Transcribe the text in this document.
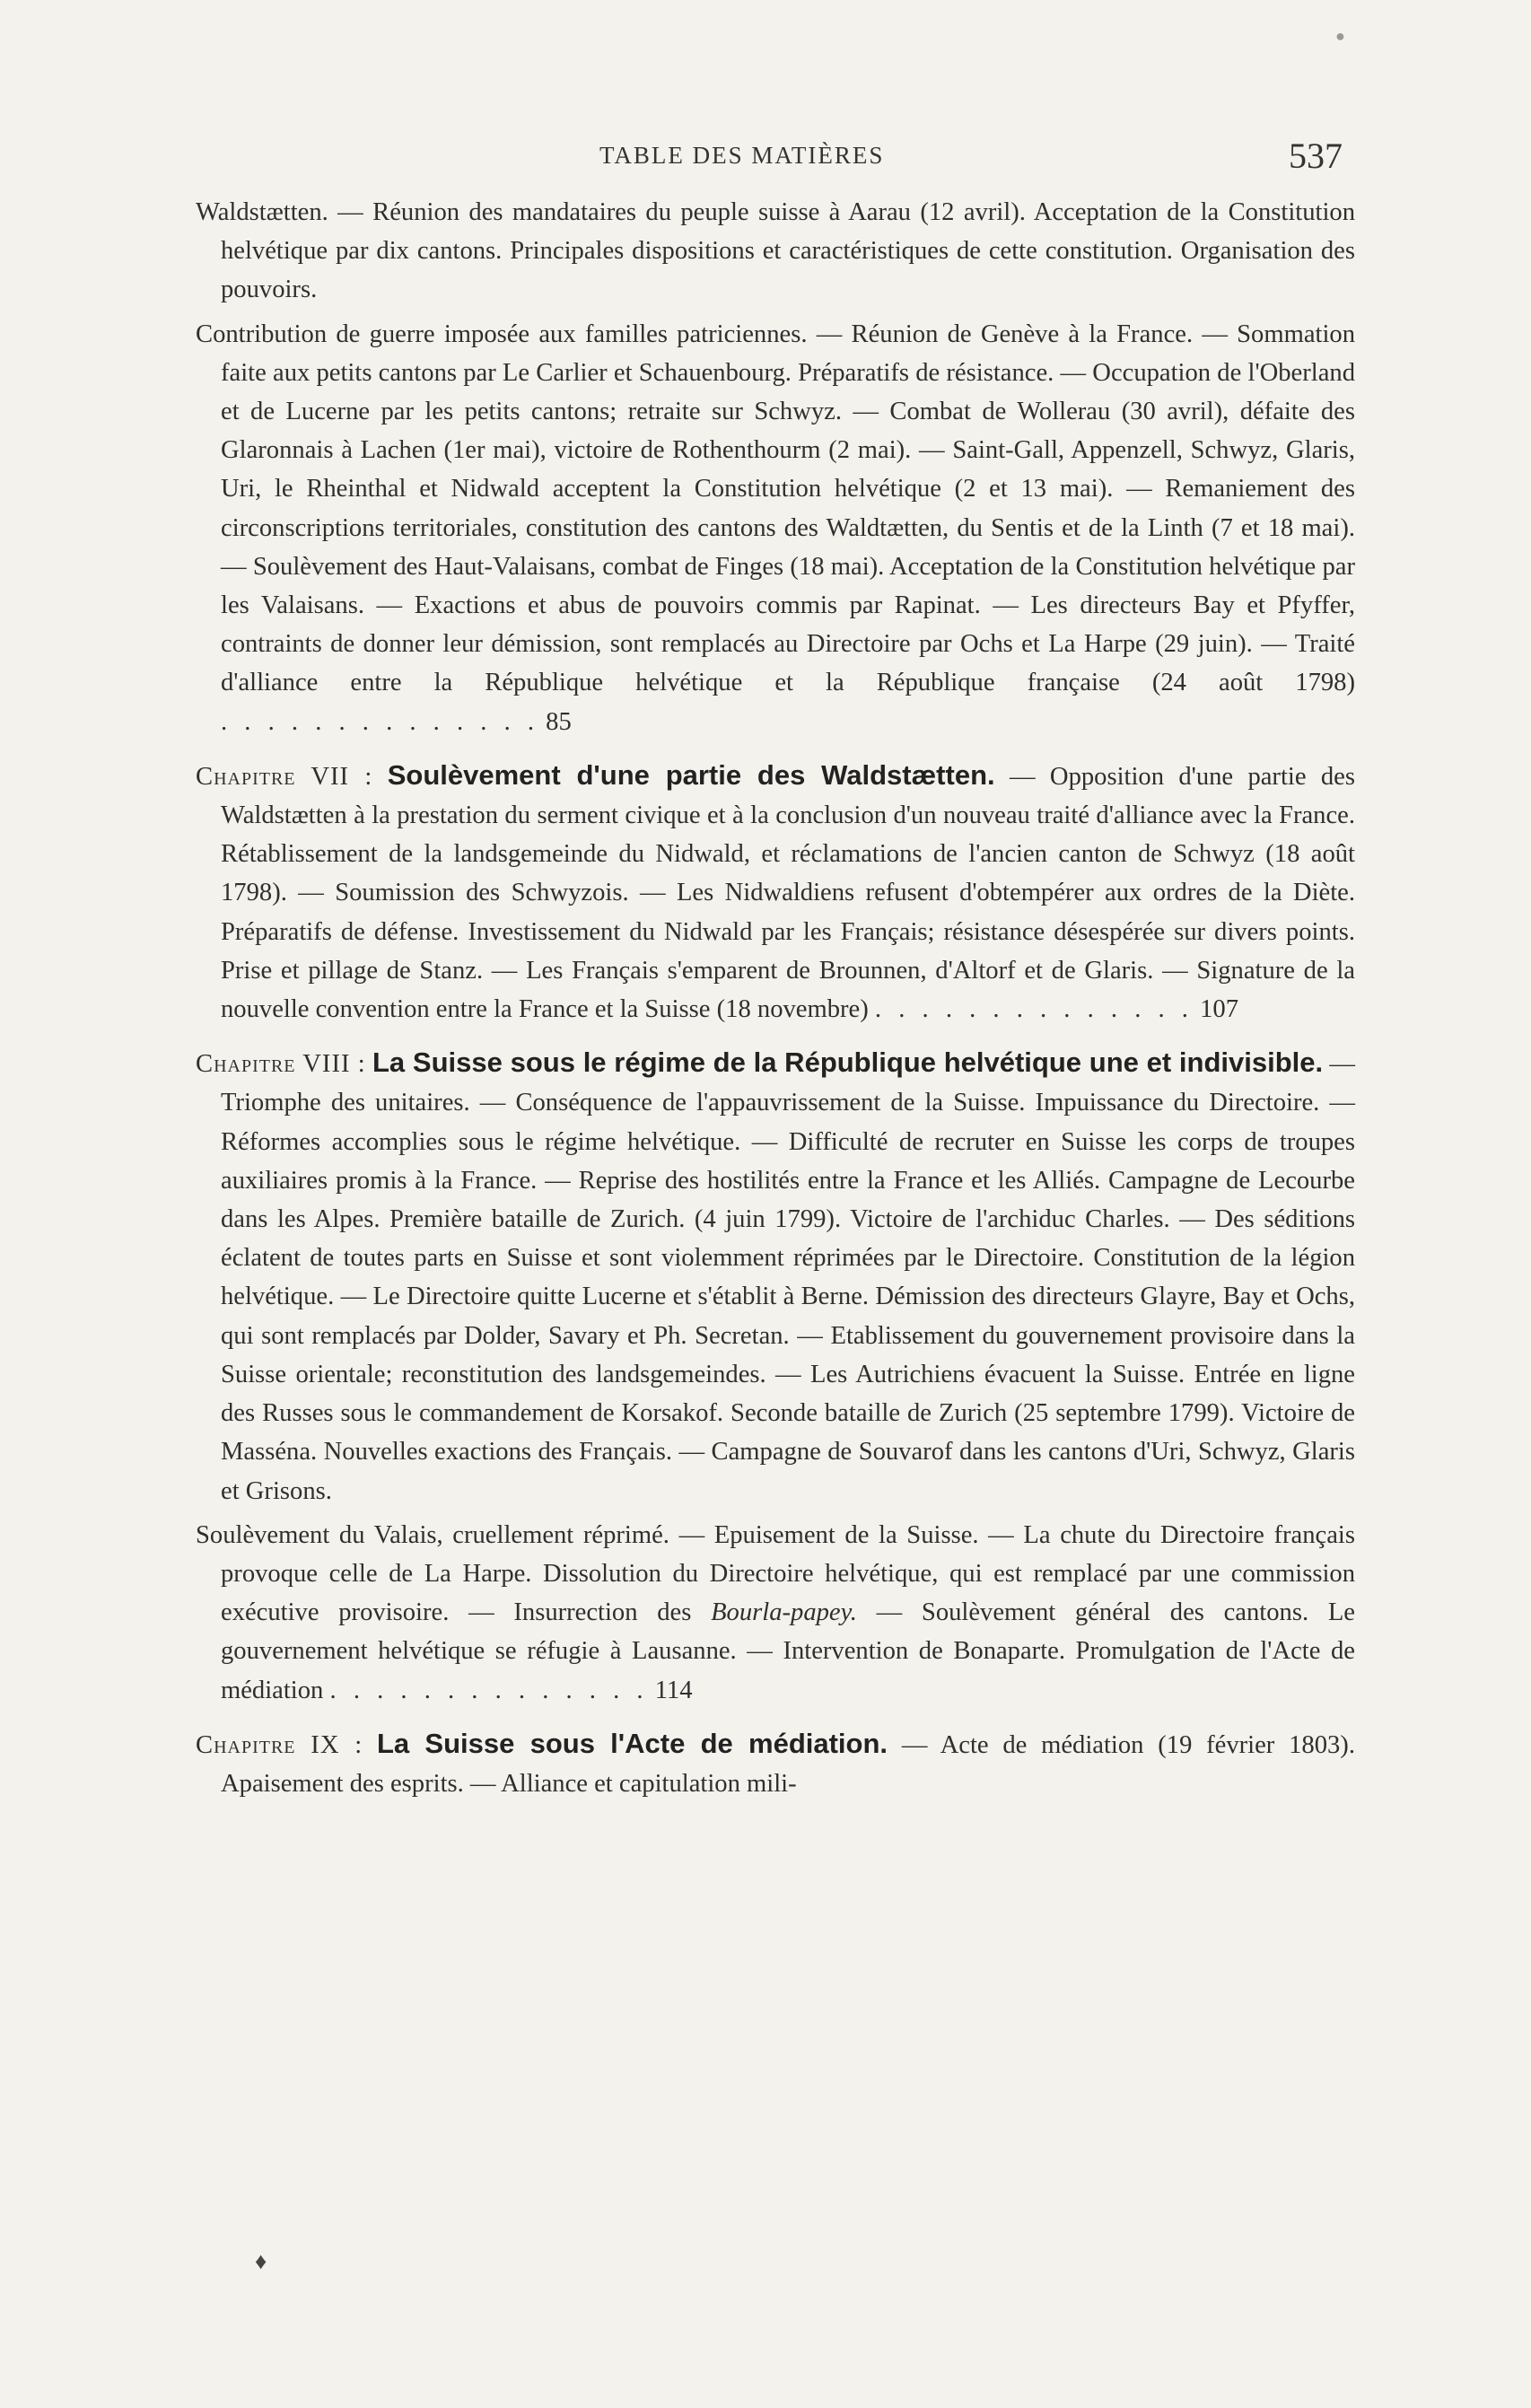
●
TABLE DES MATIÈRES	537

Waldstætten. — Réunion des mandataires du peuple suisse à Aarau (12 avril). Acceptation de la Constitution helvétique par dix cantons. Principales dispositions et caractéristiques de cette constitution. Organisation des pouvoirs.

Contribution de guerre imposée aux familles patriciennes. — Réunion de Genève à la France. — Sommation faite aux petits cantons par Le Carlier et Schauenbourg. Préparatifs de résistance. — Occupation de l'Oberland et de Lucerne par les petits cantons; retraite sur Schwyz. — Combat de Wollerau (30 avril), défaite des Glaronnais à Lachen (1er mai), victoire de Rothenthourm (2 mai). — Saint-Gall, Appenzell, Schwyz, Glaris, Uri, le Rheinthal et Nidwald acceptent la Constitution helvétique (2 et 13 mai). — Remaniement des circonscriptions territoriales, constitution des cantons des Waldtætten, du Sentis et de la Linth (7 et 18 mai). — Soulèvement des Haut-Valaisans, combat de Finges (18 mai). Acceptation de la Constitution helvétique par les Valaisans. — Exactions et abus de pouvoirs commis par Rapinat. — Les directeurs Bay et Pfyffer, contraints de donner leur démission, sont remplacés au Directoire par Ochs et La Harpe (29 juin). — Traité d'alliance entre la République helvétique et la République française (24 août 1798) . . . . . . . . . . . . . . 85

Chapitre VII : Soulèvement d'une partie des Waldstætten. — Opposition d'une partie des Waldstætten à la prestation du serment civique et à la conclusion d'un nouveau traité d'alliance avec la France. Rétablissement de la landsgemeinde du Nidwald, et réclamations de l'ancien canton de Schwyz (18 août 1798). — Soumission des Schwyzois. — Les Nidwaldiens refusent d'obtempérer aux ordres de la Diète. Préparatifs de défense. Investissement du Nidwald par les Français; résistance désespérée sur divers points. Prise et pillage de Stanz. — Les Français s'emparent de Brounnen, d'Altorf et de Glaris. — Signature de la nouvelle convention entre la France et la Suisse (18 novembre) . . . . . . . . . . . . . . 107

Chapitre VIII : La Suisse sous le régime de la République helvétique une et indivisible. — Triomphe des unitaires. — Conséquence de l'appauvrissement de la Suisse. Impuissance du Directoire. — Réformes accomplies sous le régime helvétique. — Difficulté de recruter en Suisse les corps de troupes auxiliaires promis à la France. — Reprise des hostilités entre la France et les Alliés. Campagne de Lecourbe dans les Alpes. Première bataille de Zurich. (4 juin 1799). Victoire de l'archiduc Charles. — Des séditions éclatent de toutes parts en Suisse et sont violemment réprimées par le Directoire. Constitution de la légion helvétique. — Le Directoire quitte Lucerne et s'établit à Berne. Démission des directeurs Glayre, Bay et Ochs, qui sont remplacés par Dolder, Savary et Ph. Secretan. — Etablissement du gouvernement provisoire dans la Suisse orientale; reconstitution des landsgemeindes. — Les Autrichiens évacuent la Suisse. Entrée en ligne des Russes sous le commandement de Korsakof. Seconde bataille de Zurich (25 septembre 1799). Victoire de Masséna. Nouvelles exactions des Français. — Campagne de Souvarof dans les cantons d'Uri, Schwyz, Glaris et Grisons.

Soulèvement du Valais, cruellement réprimé. — Epuisement de la Suisse. — La chute du Directoire français provoque celle de La Harpe. Dissolution du Directoire helvétique, qui est remplacé par une commission exécutive provisoire. — Insurrection des Bourla-papey. — Soulèvement général des cantons. Le gouvernement helvétique se réfugie à Lausanne. — Intervention de Bonaparte. Promulgation de l'Acte de médiation . . . . . . . . . . . . . . 114

Chapitre IX : La Suisse sous l'Acte de médiation. — Acte de médiation (19 février 1803). Apaisement des esprits. — Alliance et capitulation mili-

♦
